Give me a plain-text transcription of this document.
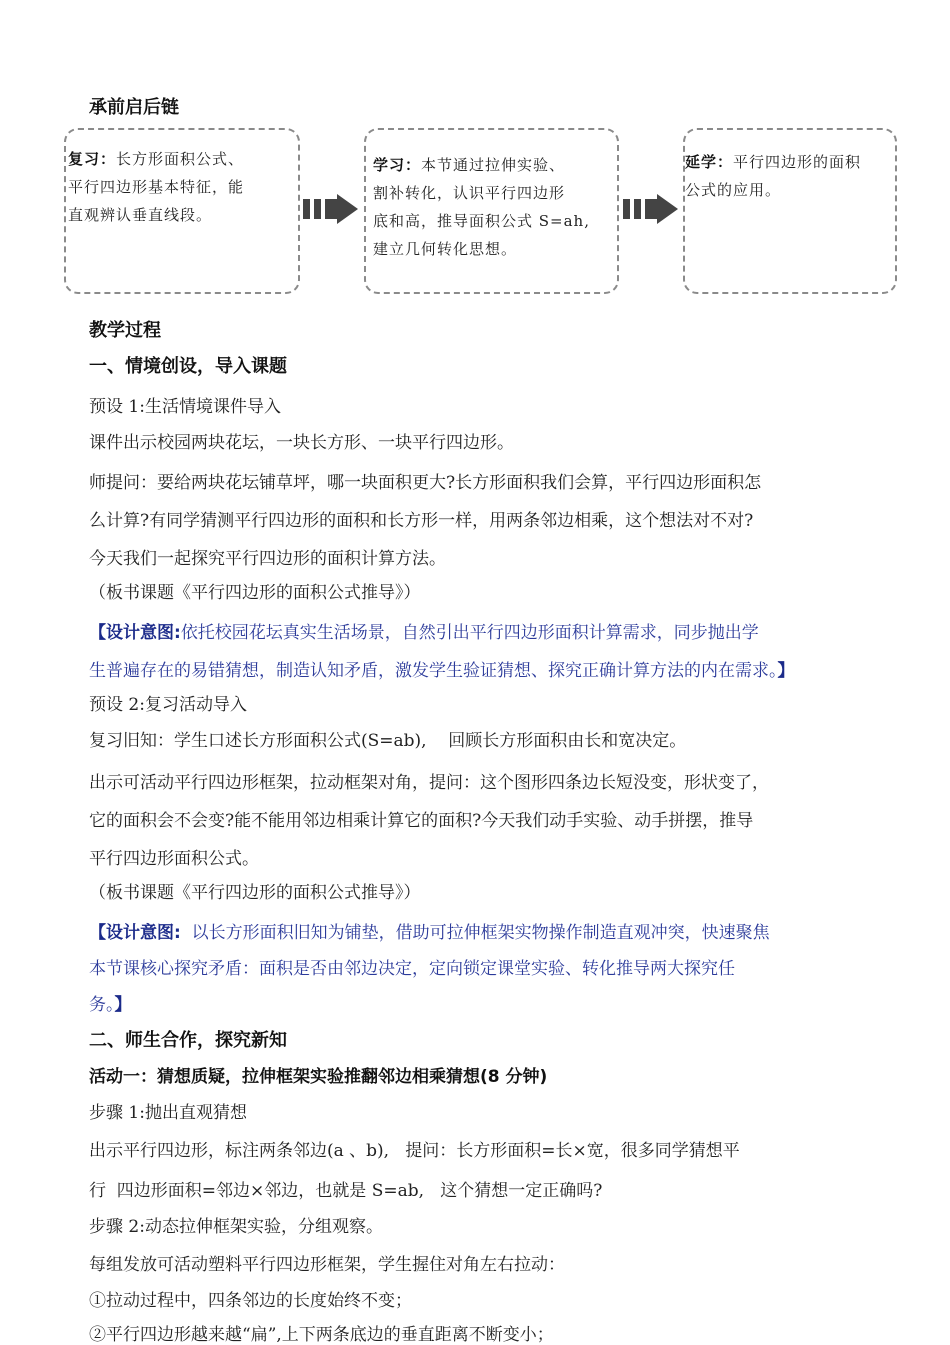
承前启后链
复习：长方形面积公式、
平行四边形基本特征，能
直观辨认垂直线段。
学习：本节通过拉伸实验、
割补转化，认识平行四边形
底和高，推导面积公式 S=ah,
建立几何转化思想。
延学：平行四边形的面积
公式的应用。
教学过程
一、情境创设，导入课题
预设 1:生活情境课件导入
课件出示校园两块花坛，一块长方形、一块平行四边形。
师提问：要给两块花坛铺草坪，哪一块面积更大?长方形面积我们会算，平行四边形面积怎
么计算?有同学猜测平行四边形的面积和长方形一样，用两条邻边相乘，这个想法对不对?
今天我们一起探究平行四边形的面积计算方法。
（板书课题《平行四边形的面积公式推导》）
【设计意图:依托校园花坛真实生活场景，自然引出平行四边形面积计算需求，同步抛出学
生普遍存在的易错猜想，制造认知矛盾，激发学生验证猜想、探究正确计算方法的内在需求。】
预设 2:复习活动导入
复习旧知：学生口述长方形面积公式(S=ab),    回顾长方形面积由长和宽决定。
出示可活动平行四边形框架，拉动框架对角，提问：这个图形四条边长短没变，形状变了，
它的面积会不会变?能不能用邻边相乘计算它的面积?今天我们动手实验、动手拼摆，推导
平行四边形面积公式。
（板书课题《平行四边形的面积公式推导》）
【设计意图:  以长方形面积旧知为铺垫，借助可拉伸框架实物操作制造直观冲突，快速聚焦
本节课核心探究矛盾：面积是否由邻边决定，定向锁定课堂实验、转化推导两大探究任
务。】
二、师生合作，探究新知
活动一：猜想质疑，拉伸框架实验推翻邻边相乘猜想(8 分钟)
步骤 1:抛出直观猜想
出示平行四边形，标注两条邻边(a 、b),   提问：长方形面积=长×宽，很多同学猜想平
行  四边形面积=邻边×邻边，也就是 S=ab,   这个猜想一定正确吗?
步骤 2:动态拉伸框架实验，分组观察。
每组发放可活动塑料平行四边形框架，学生握住对角左右拉动：
①拉动过程中，四条邻边的长度始终不变；
②平行四边形越来越“扁”,上下两条底边的垂直距离不断变小；
